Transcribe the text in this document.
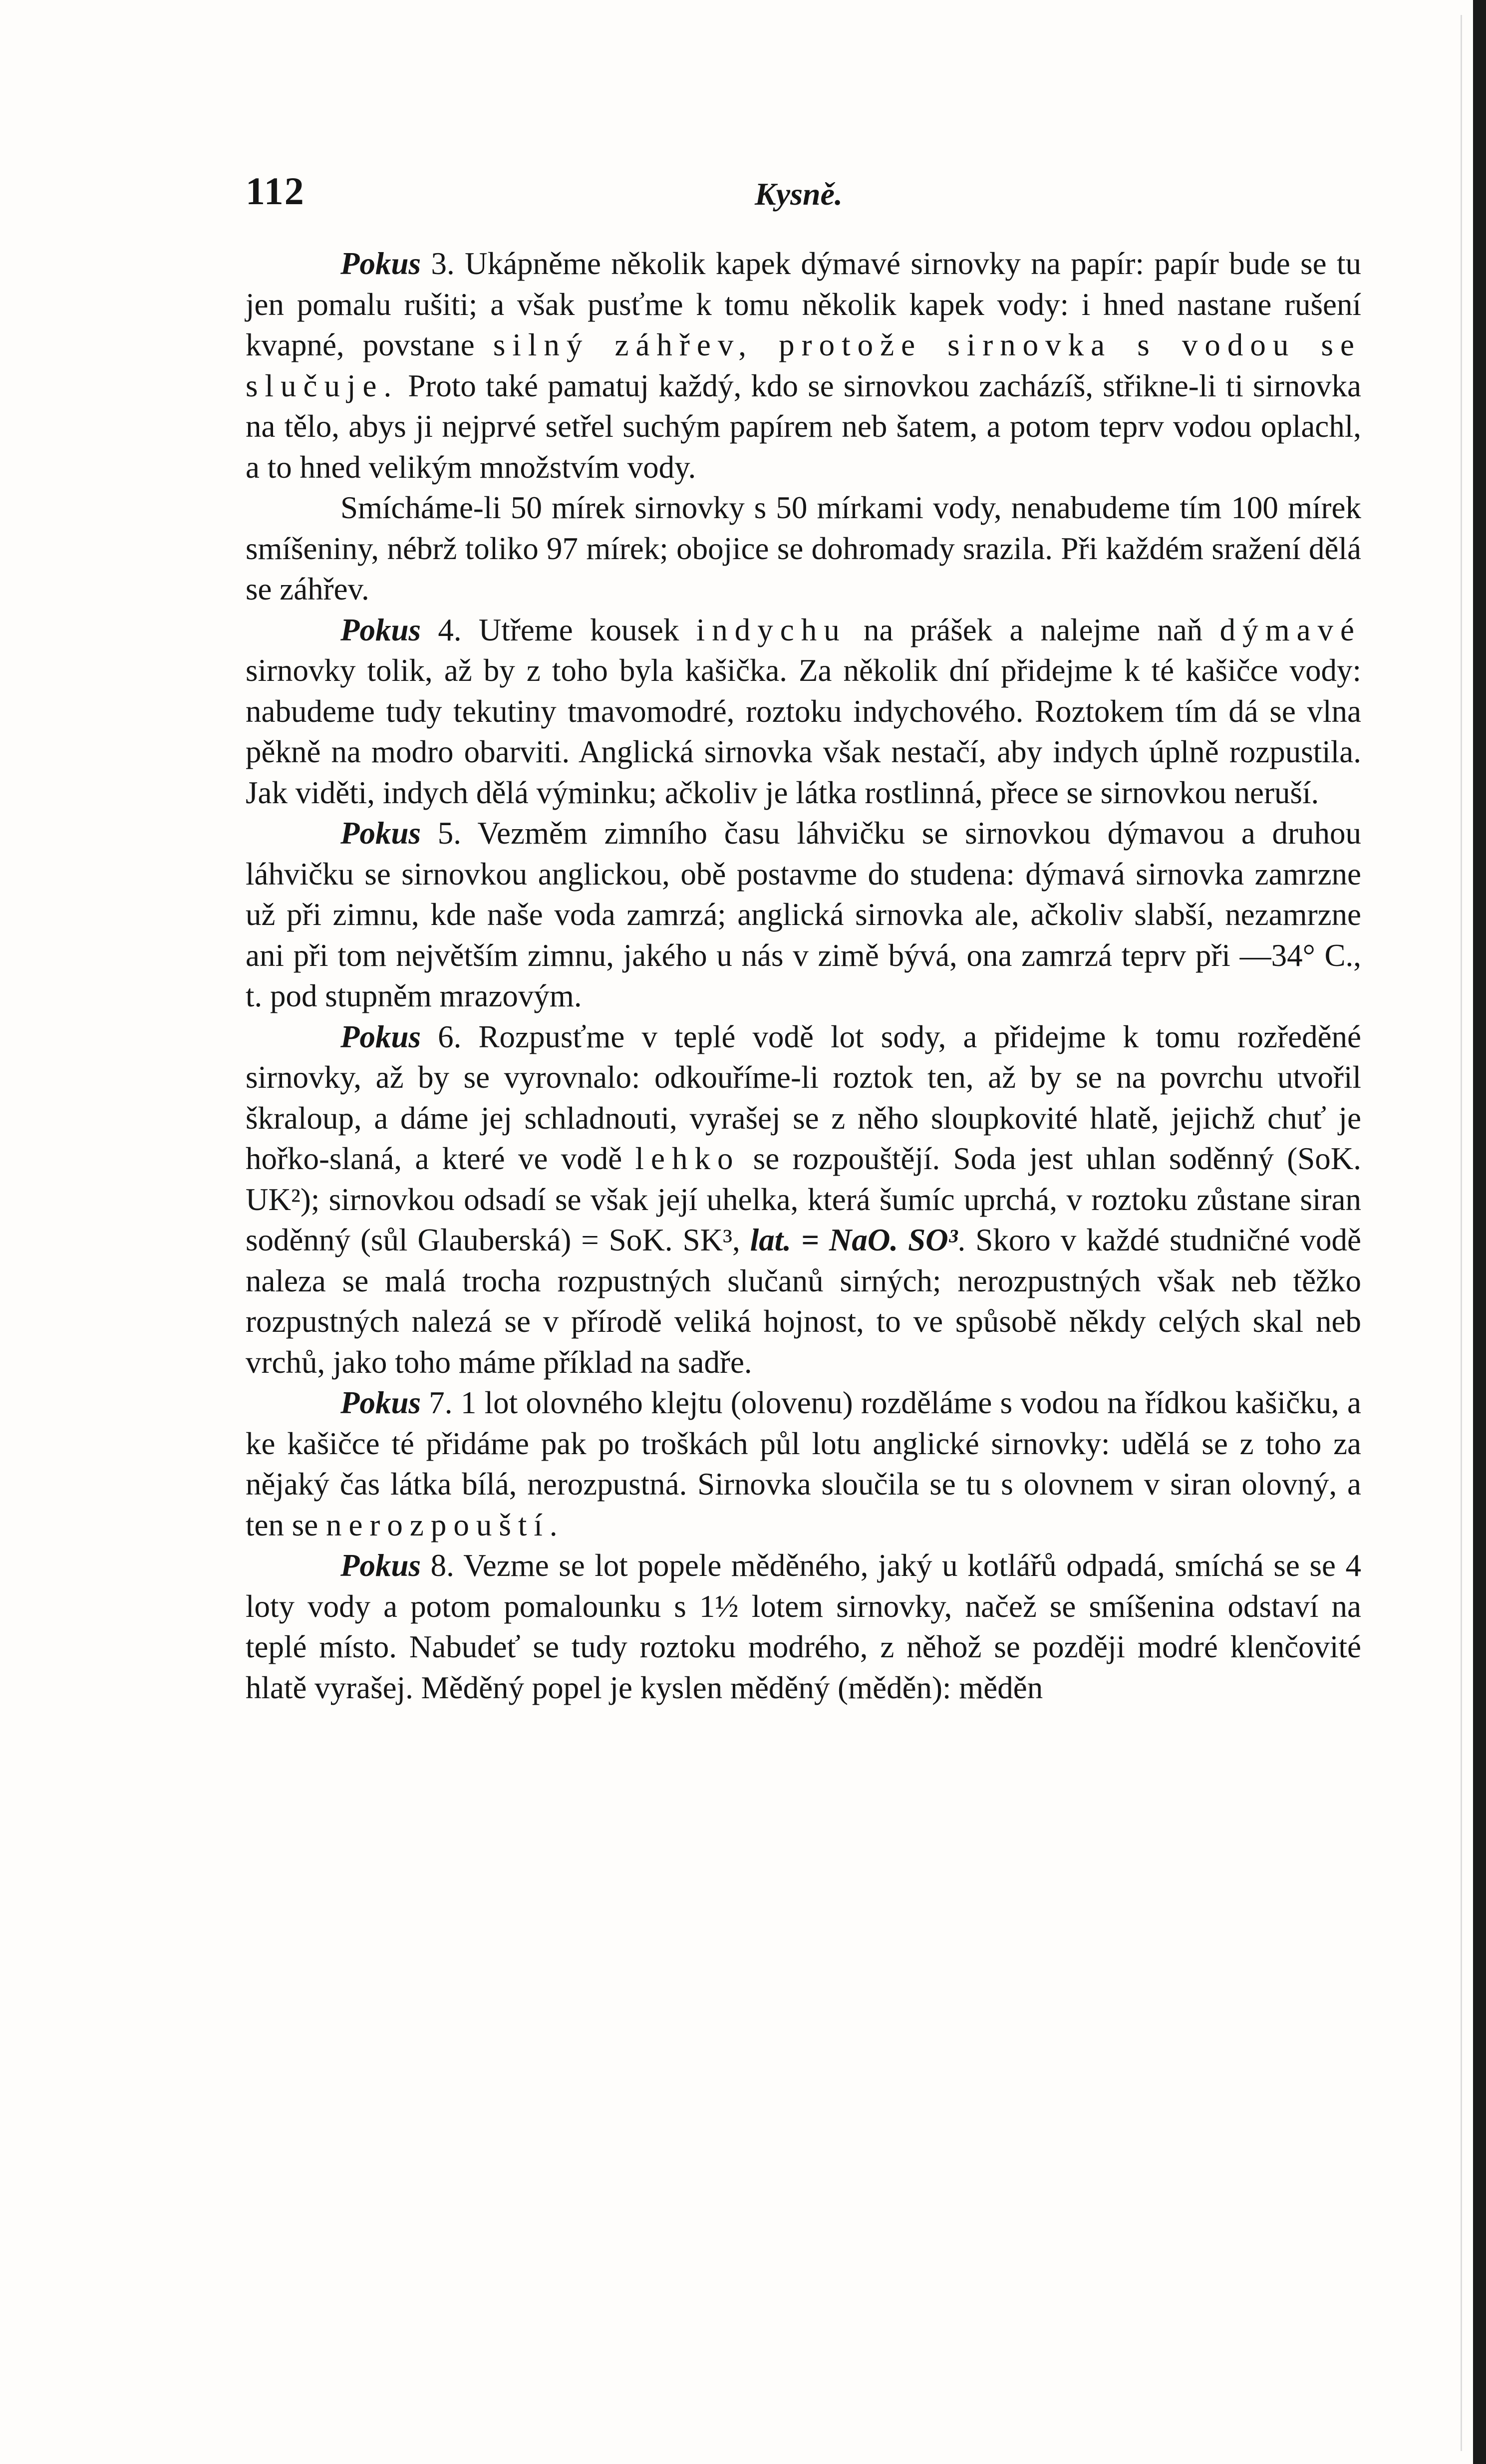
112	Kysně.

Pokus 3. Ukápněme několik kapek dýmavé sirnovky na papír: papír bude se tu jen pomalu rušiti; a však pusťme k tomu několik kapek vody: i hned nastane rušení kvapné, povstane silný záhřev, protože sirnovka s vodou se slučuje. Proto také pamatuj každý, kdo se sirnovkou zacházíš, střikne-li ti sirnovka na tělo, abys ji nejprvé setřel suchým papírem neb šatem, a potom teprv vodou oplachl, a to hned velikým množstvím vody.

Smícháme-li 50 mírek sirnovky s 50 mírkami vody, nenabudeme tím 100 mírek smíšeniny, nébrž toliko 97 mírek; obojice se dohromady srazila. Při každém sražení dělá se záhřev.

Pokus 4. Utřeme kousek indychu na prášek a nalejme naň dýmavé sirnovky tolik, až by z toho byla kašička. Za několik dní přidejme k té kašičce vody: nabudeme tudy tekutiny tmavomodré, roztoku indychového. Roztokem tím dá se vlna pěkně na modro obarviti. Anglická sirnovka však nestačí, aby indych úplně rozpustila. Jak viděti, indych dělá výminku; ačkoliv je látka rostlinná, přece se sirnovkou neruší.

Pokus 5. Vezměm zimního času láhvičku se sirnovkou dýmavou a druhou láhvičku se sirnovkou anglickou, obě postavme do studena: dýmavá sirnovka zamrzne už při zimnu, kde naše voda zamrzá; anglická sirnovka ale, ačkoliv slabší, nezamrzne ani při tom největším zimnu, jakého u nás v zimě bývá, ona zamrzá teprv při —34° C., t. pod stupněm mrazovým.

Pokus 6. Rozpusťme v teplé vodě lot sody, a přidejme k tomu rozředěné sirnovky, až by se vyrovnalo: odkouříme-li roztok ten, až by se na povrchu utvořil škraloup, a dáme jej schladnouti, vyrašej se z něho sloupkovité hlatě, jejichž chuť je hořko-slaná, a které ve vodě lehko se rozpouštějí. Soda jest uhlan soděnný (SoK. UK²); sirnovkou odsadí se však její uhelka, která šumíc uprchá, v roztoku zůstane siran soděnný (sůl Glauberská) = SoK. SK³, lat. = NaO. SO³. Skoro v každé studničné vodě naleza se malá trocha rozpustných slučanů sirných; nerozpustných však neb těžko rozpustných nalezá se v přírodě veliká hojnost, to ve spůsobě někdy celých skal neb vrchů, jako toho máme příklad na sadře.

Pokus 7. 1 lot olovného klejtu (olovenu) rozděláme s vodou na řídkou kašičku, a ke kašičce té přidáme pak po troškách půl lotu anglické sirnovky: udělá se z toho za nějaký čas látka bílá, nerozpustná. Sirnovka sloučila se tu s olovnem v siran olovný, a ten se nerozpouští.

Pokus 8. Vezme se lot popele měděného, jaký u kotlářů odpadá, smíchá se se 4 loty vody a potom pomalounku s 1½ lotem sirnovky, načež se smíšenina odstaví na teplé místo. Nabudeť se tudy roztoku modrého, z něhož se později modré klenčovité hlatě vyrašej. Měděný popel je kyslen měděný (měděn): měděn
